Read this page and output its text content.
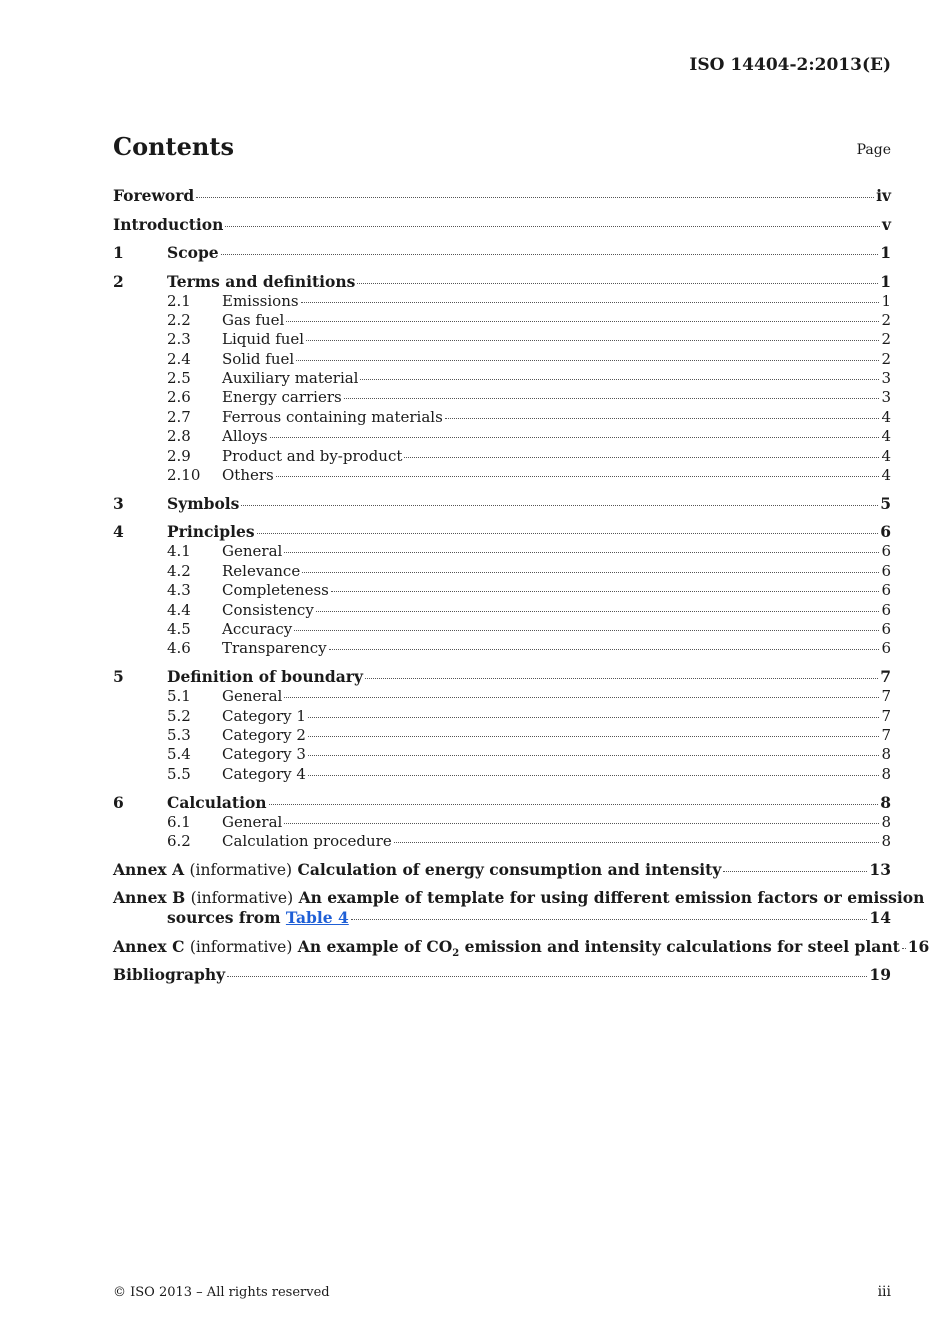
ISO 14404-2:2013(E)
Contents	Page
Foreword	iv
Introduction	v
1	Scope	1
2	Terms and definitions	1
2.1	Emissions	1
2.2	Gas fuel	2
2.3	Liquid fuel	2
2.4	Solid fuel	2
2.5	Auxiliary material	3
2.6	Energy carriers	3
2.7	Ferrous containing materials	4
2.8	Alloys	4
2.9	Product and by-product	4
2.10	Others	4
3	Symbols	5
4	Principles	6
4.1	General	6
4.2	Relevance	6
4.3	Completeness	6
4.4	Consistency	6
4.5	Accuracy	6
4.6	Transparency	6
5	Definition of boundary	7
5.1	General	7
5.2	Category 1	7
5.3	Category 2	7
5.4	Category 3	8
5.5	Category 4	8
6	Calculation	8
6.1	General	8
6.2	Calculation procedure	8
Annex A (informative) Calculation of energy consumption and intensity	13
Annex B (informative) An example of template for using different emission factors or emission
sources from Table 4	14
Annex C (informative) An example of $CO_2$ emission and intensity calculations for steel plant 16
Bibliography	19
© ISO 2013 – All rights reserved	iii
